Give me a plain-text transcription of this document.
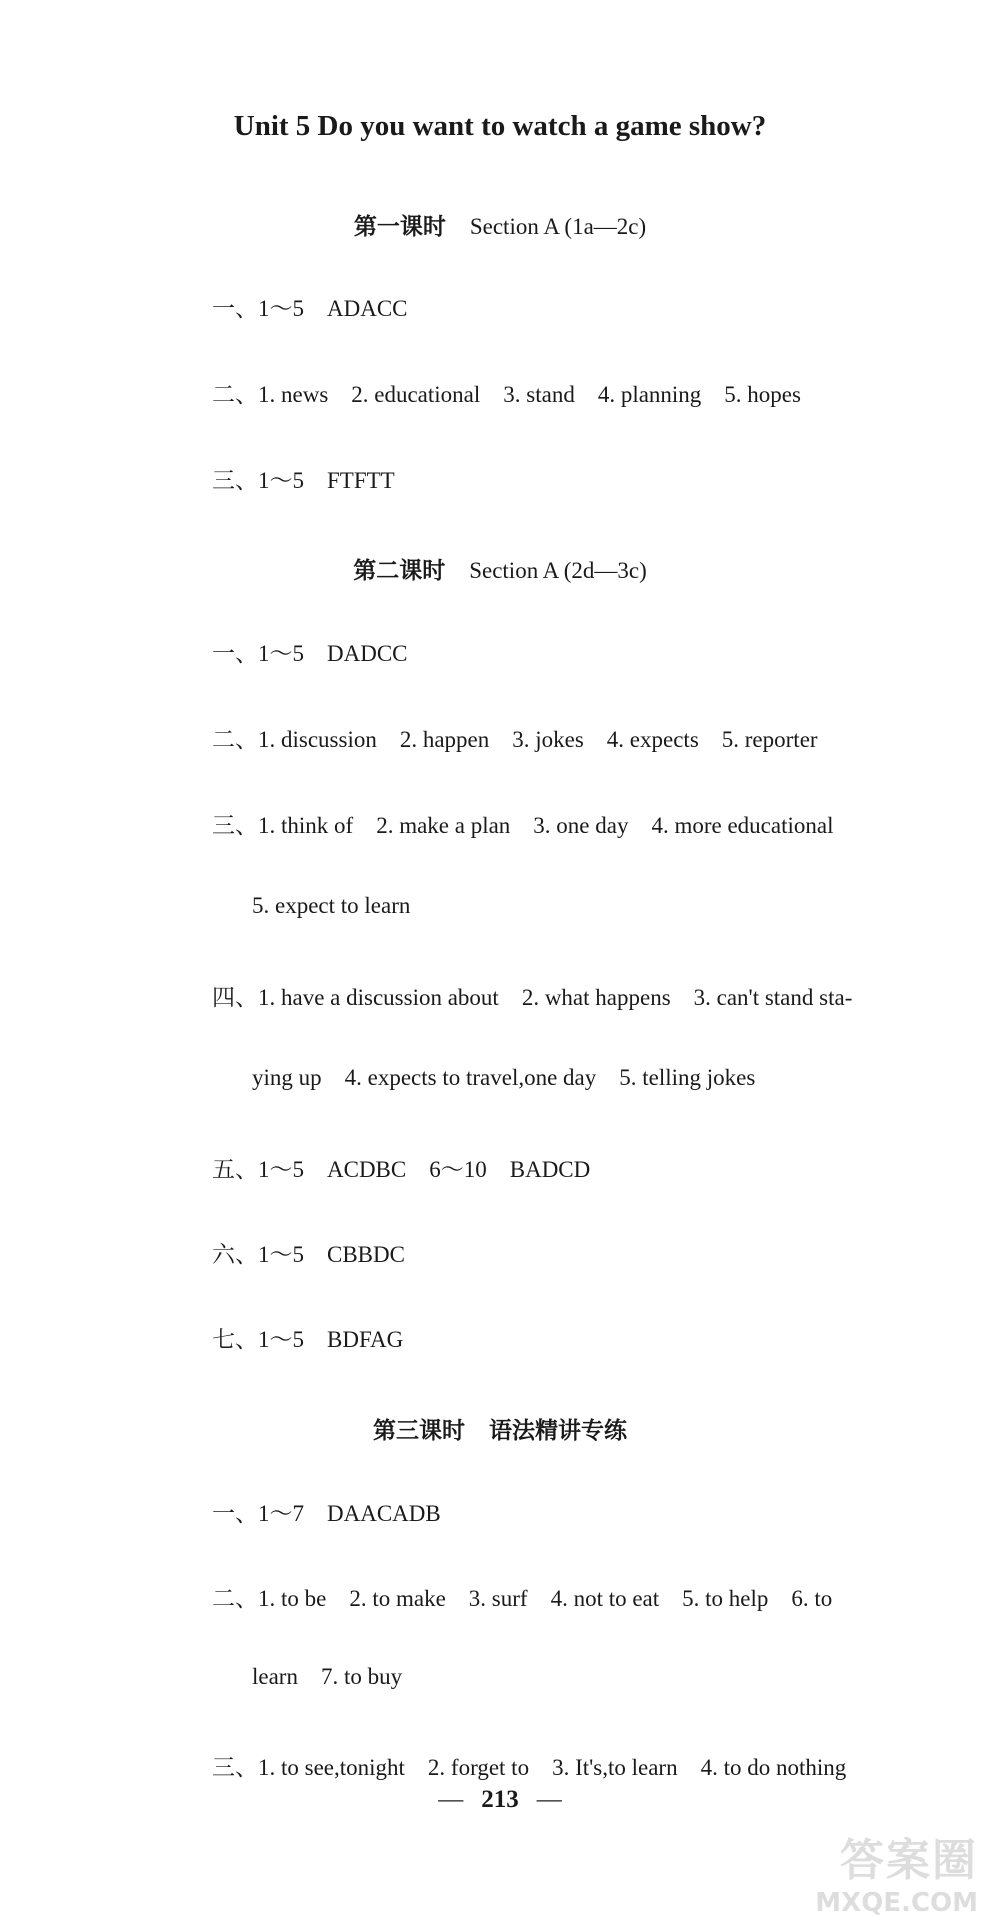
Unit 5 Do you want to watch a game show?
第一课时 Section A (1a—2c)
一、1～5    ADACC
二、1. news    2. educational    3. stand    4. planning    5. hopes
三、1～5    FTFTT
第二课时 Section A (2d—3c)
一、1～5    DADCC
二、1. discussion    2. happen    3. jokes    4. expects    5. reporter
三、1. think of    2. make a plan    3. one day    4. more educational
5. expect to learn
四、1. have a discussion about    2. what happens    3. can't stand sta-
ying up    4. expects to travel,one day    5. telling jokes
五、1～5    ACDBC    6～10    BADCD
六、1～5    CBBDC
七、1～5    BDFAG
第三课时 语法精讲专练
一、1～7    DAACADB
二、1. to be    2. to make    3. surf    4. not to eat    5. to help    6. to
learn    7. to buy
三、1. to see,tonight    2. forget to    3. It's,to learn    4. to do nothing
— 213 —
答案圈
MXQE.COM
